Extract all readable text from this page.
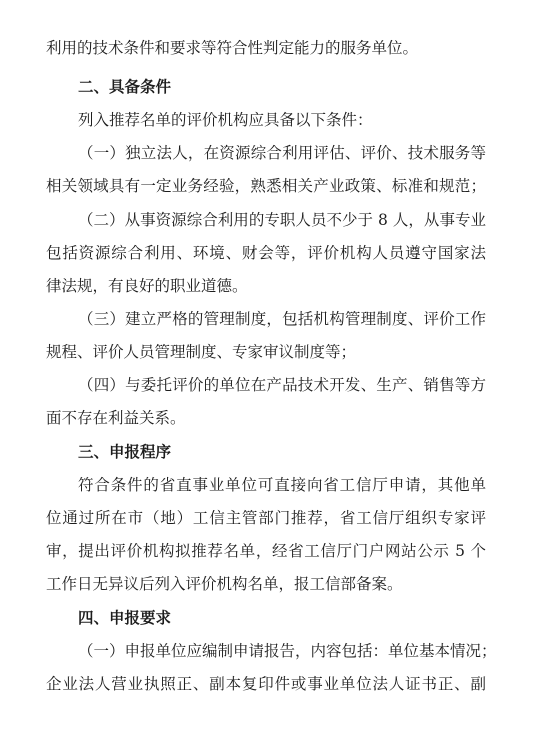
利用的技术条件和要求等符合性判定能力的服务单位。
二、具备条件
列入推荐名单的评价机构应具备以下条件：
（一）独立法人，在资源综合利用评估、评价、技术服务等
相关领域具有一定业务经验，熟悉相关产业政策、标准和规范；
（二）从事资源综合利用的专职人员不少于 8 人，从事专业
包括资源综合利用、环境、财会等，评价机构人员遵守国家法
律法规，有良好的职业道德。
（三）建立严格的管理制度，包括机构管理制度、评价工作
规程、评价人员管理制度、专家审议制度等；
（四）与委托评价的单位在产品技术开发、生产、销售等方
面不存在利益关系。
三、申报程序
符合条件的省直事业单位可直接向省工信厅申请，其他单
位通过所在市（地）工信主管部门推荐，省工信厅组织专家评
审，提出评价机构拟推荐名单，经省工信厅门户网站公示 5 个
工作日无异议后列入评价机构名单，报工信部备案。
四、申报要求
（一）申报单位应编制申请报告，内容包括：单位基本情况；
企业法人营业执照正、副本复印件或事业单位法人证书正、副
